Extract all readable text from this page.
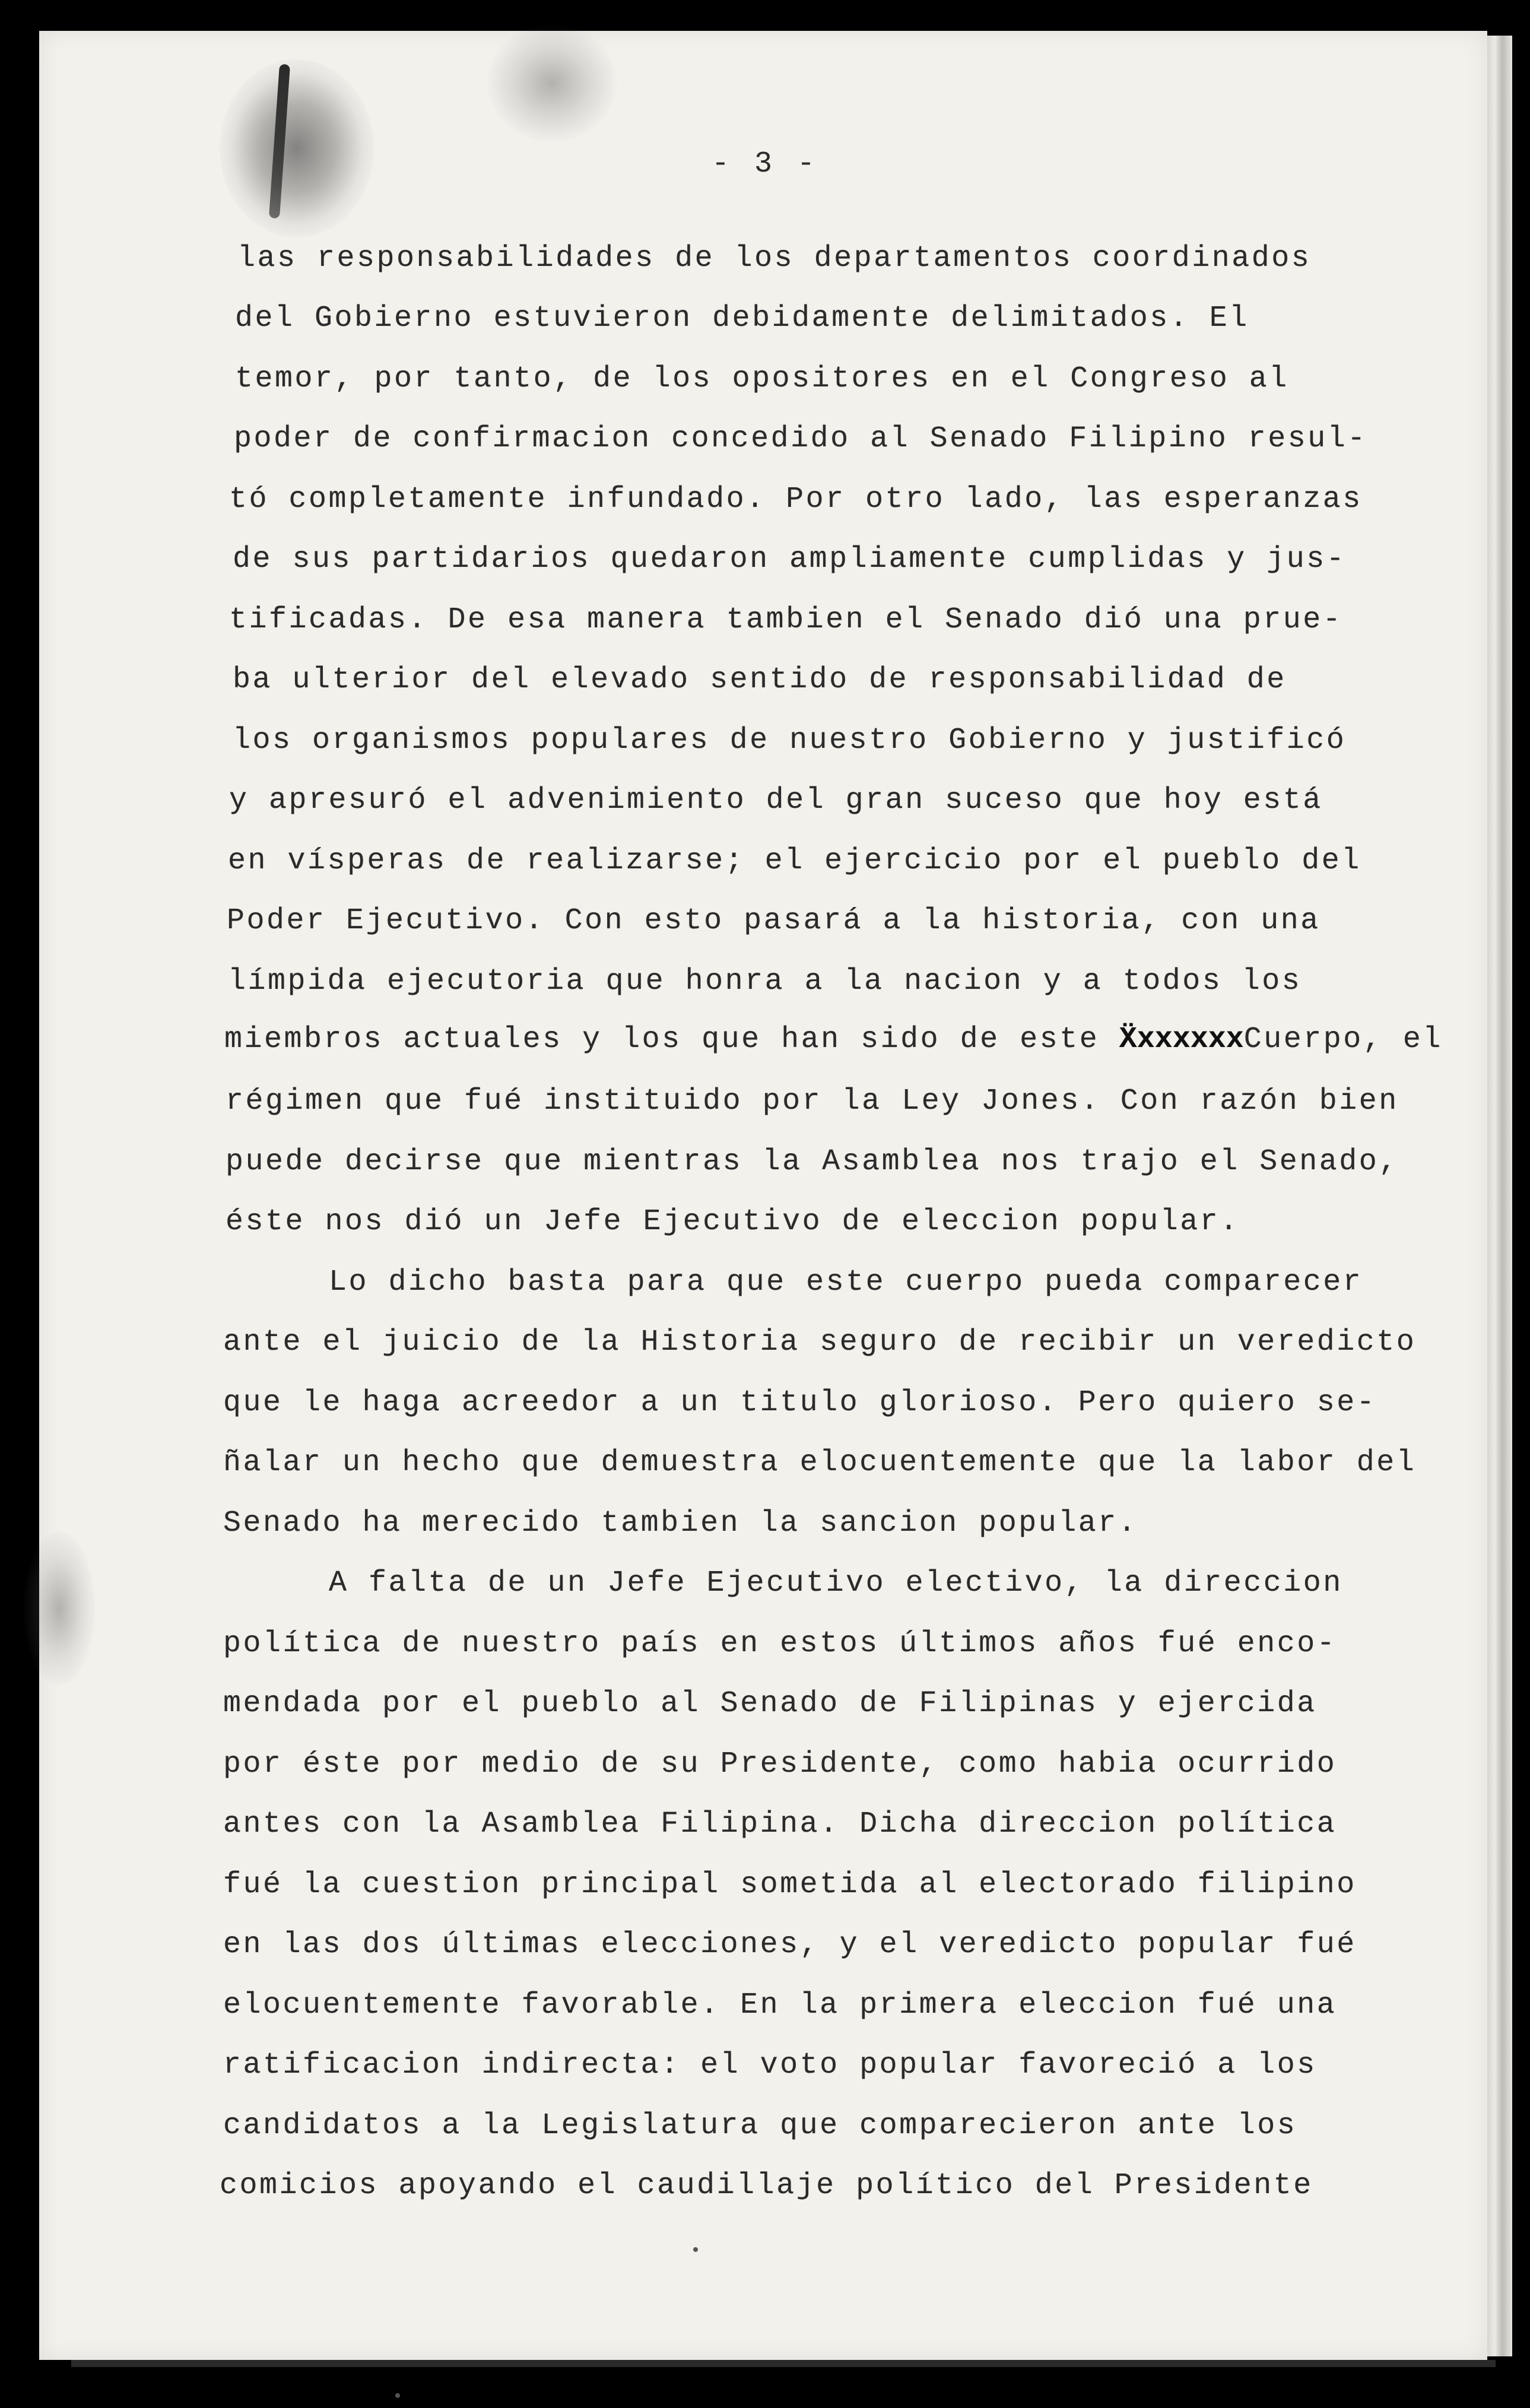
- 3 -
las responsabilidades de los departamentos coordinados
del Gobierno estuvieron debidamente delimitados. El
temor, por tanto, de los opositores en el Congreso al
poder de confirmacion concedido al Senado Filipino resul-
tó completamente infundado. Por otro lado, las esperanzas
de sus partidarios quedaron ampliamente cumplidas y jus-
tificadas. De esa manera tambien el Senado dió una prue-
ba ulterior del elevado sentido de responsabilidad de
los organismos populares de nuestro Gobierno y justificó
y apresuró el advenimiento del gran suceso que hoy está
en vísperas de realizarse; el ejercicio por el pueblo del
Poder Ejecutivo. Con esto pasará a la historia, con una
límpida ejecutoria que honra a la nacion y a todos los
miembros actuales y los que han sido de este ẌxxxxxxCuerpo, el
régimen que fué instituido por la Ley Jones. Con razón bien
puede decirse que mientras la Asamblea nos trajo el Senado,
éste nos dió un Jefe Ejecutivo de eleccion popular.
Lo dicho basta para que este cuerpo pueda comparecer
ante el juicio de la Historia seguro de recibir un veredicto
que le haga acreedor a un titulo glorioso. Pero quiero se-
ñalar un hecho que demuestra elocuentemente que la labor del
Senado ha merecido tambien la sancion popular.
A falta de un Jefe Ejecutivo electivo, la direccion
política de nuestro país en estos últimos años fué enco-
mendada por el pueblo al Senado de Filipinas y ejercida
por éste por medio de su Presidente, como habia ocurrido
antes con la Asamblea Filipina. Dicha direccion política
fué la cuestion principal sometida al electorado filipino
en las dos últimas elecciones, y el veredicto popular fué
elocuentemente favorable. En la primera eleccion fué una
ratificacion indirecta: el voto popular favoreció a los
candidatos a la Legislatura que comparecieron ante los
comicios apoyando el caudillaje político del Presidente
